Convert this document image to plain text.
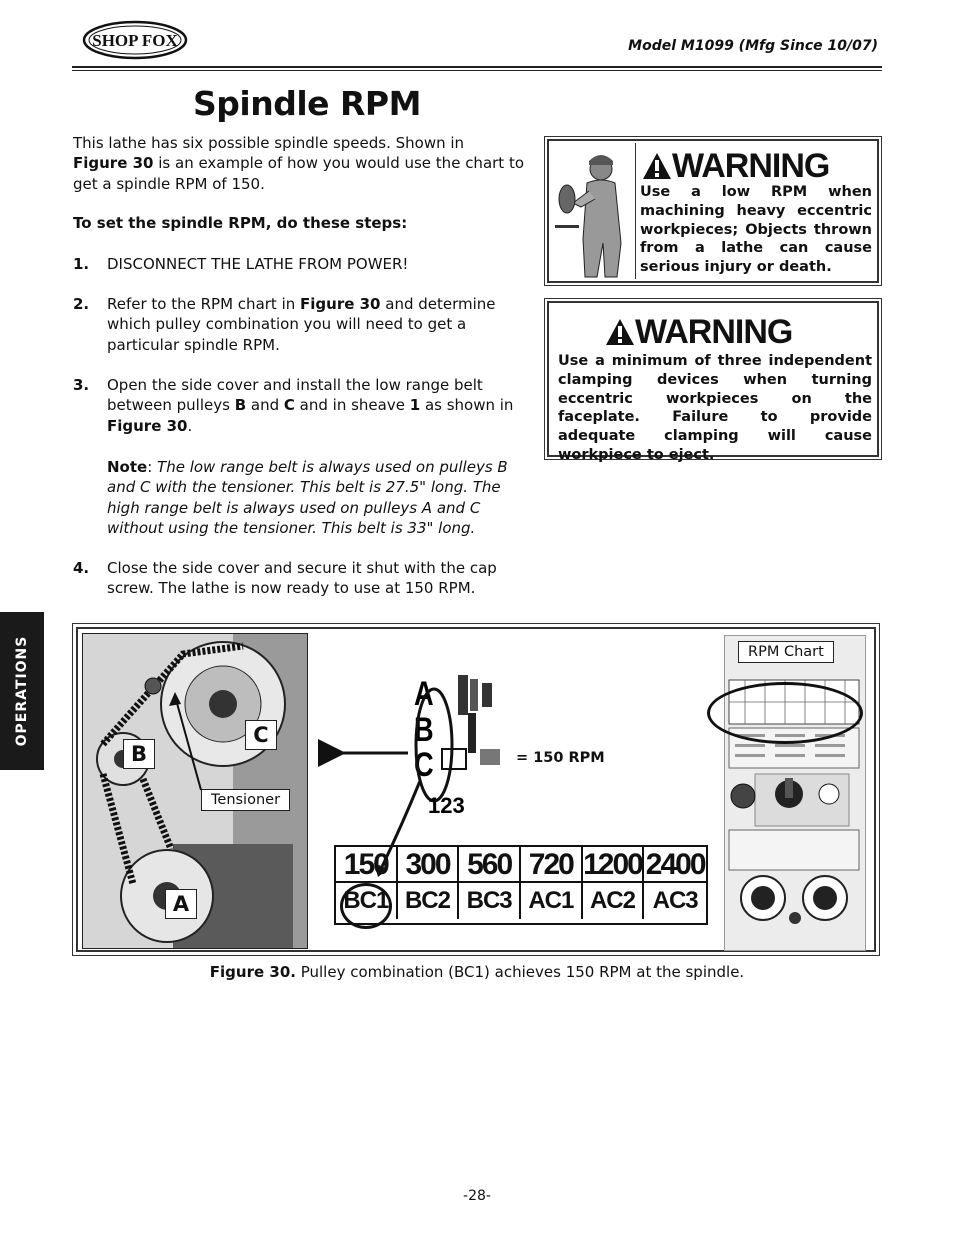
SHOP FOX	Model M1099 (Mfg Since 10/07)
Spindle RPM
This lathe has six possible spindle speeds. Shown in
Figure 30 is an example of how you would use the chart to get a spindle RPM of 150.
To set the spindle RPM, do these steps:
1. DISCONNECT THE LATHE FROM POWER!
2. Refer to the RPM chart in Figure 30 and determine which pulley combination you will need to get a particular spindle RPM.
3. Open the side cover and install the low range belt between pulleys B and C and in sheave 1 as shown in Figure 30.
Note: The low range belt is always used on pulleys B and C with the tensioner. This belt is 27.5" long. The high range belt is always used on pulleys A and C without using the tensioner. This belt is 33" long.
4. Close the side cover and secure it shut with the cap screw. The lathe is now ready to use at 150 RPM.
WARNING
Use a low RPM when machining heavy eccentric workpieces; Objects thrown from a lathe can cause serious injury or death.
WARNING
Use a minimum of three independent clamping devices when turning eccentric workpieces on the faceplate. Failure to provide adequate clamping will cause workpiece to eject.
OPERATIONS
B
C
A
Tensioner
A
B
C
123
= 150 RPM
150
BC1
300
BC2
560
BC3
720
AC1
1200
AC2
2400
AC3
RPM Chart
Figure 30. Pulley combination (BC1) achieves 150 RPM at the spindle.
-28-
